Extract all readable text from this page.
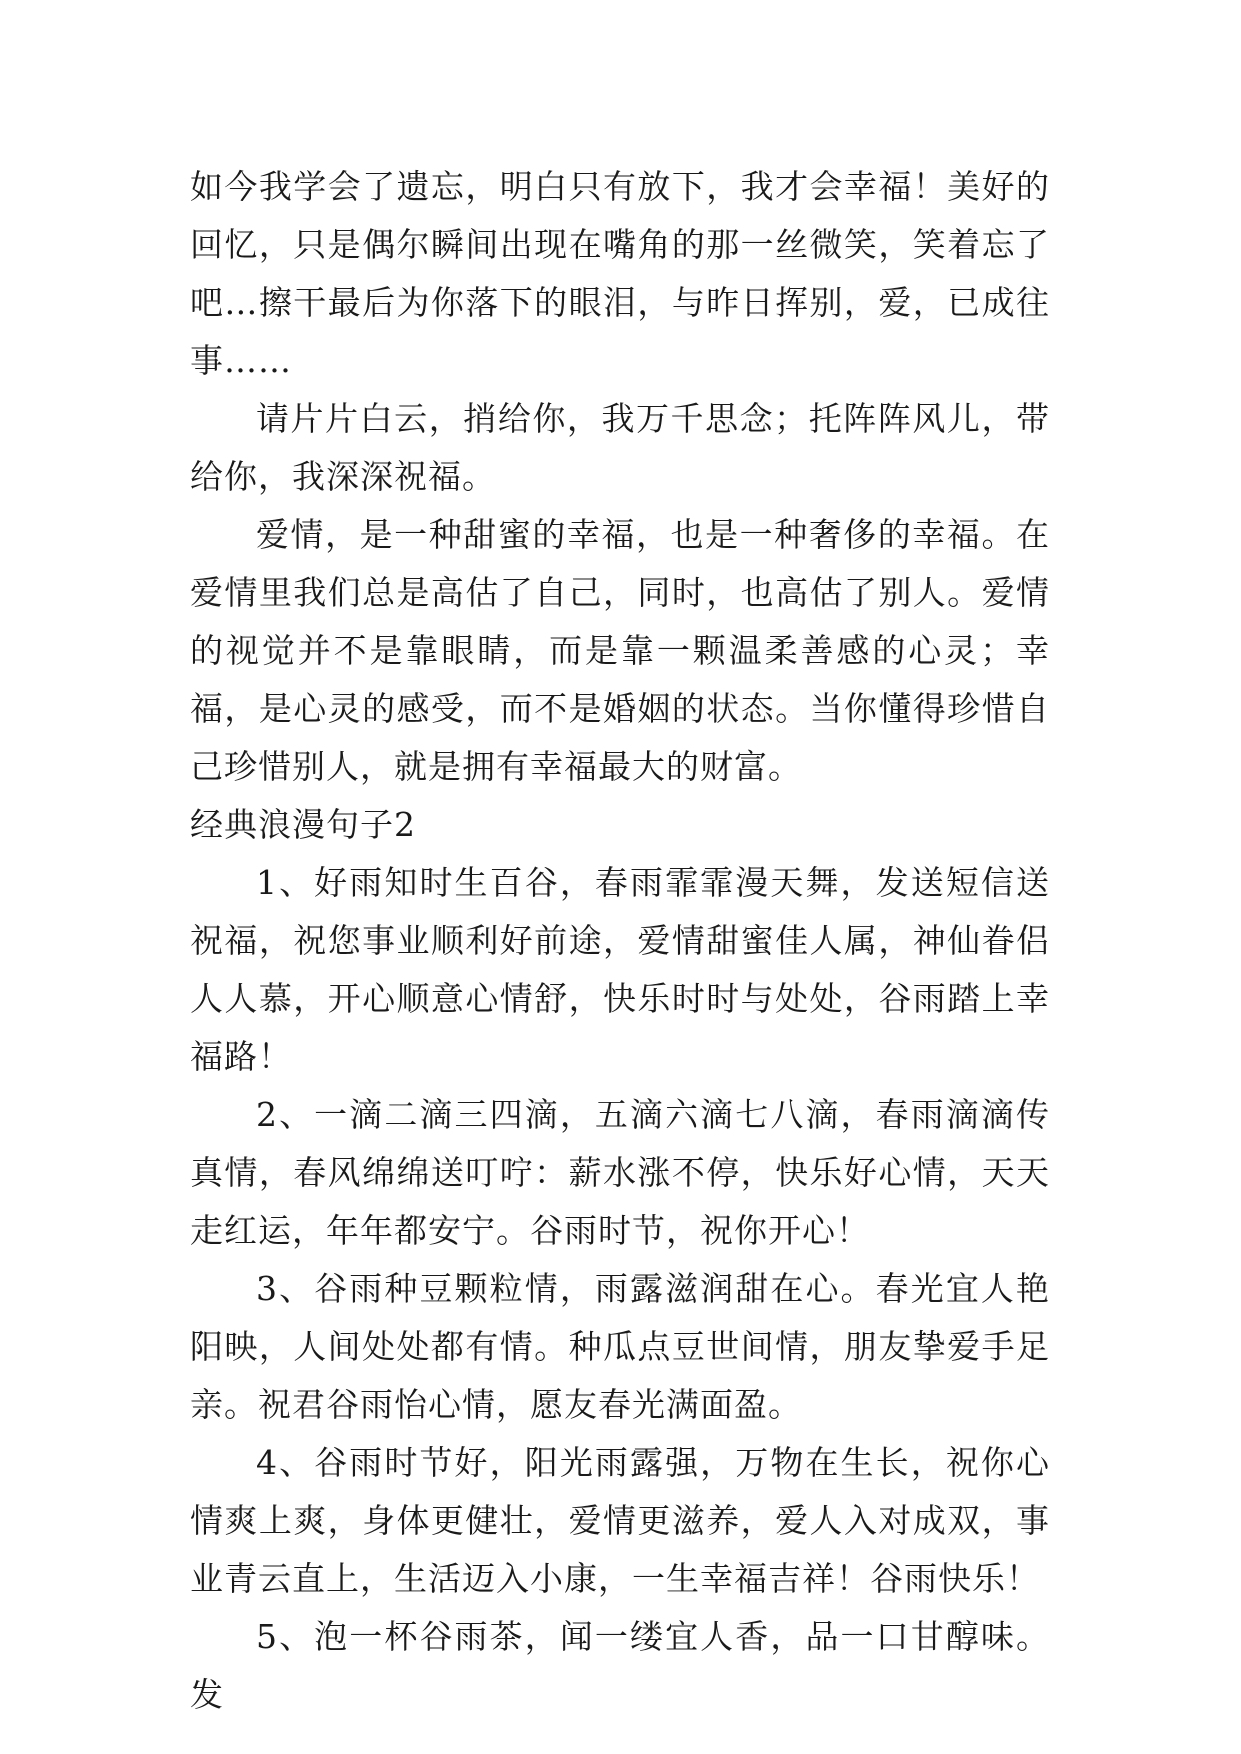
如今我学会了遗忘，明白只有放下，我才会幸福！美好的回忆，只是偶尔瞬间出现在嘴角的那一丝微笑，笑着忘了吧…擦干最后为你落下的眼泪，与昨日挥别，爱，已成往事……

请片片白云，捎给你，我万千思念；托阵阵风儿，带给你，我深深祝福。

爱情，是一种甜蜜的幸福，也是一种奢侈的幸福。在爱情里我们总是高估了自己，同时，也高估了别人。爱情的视觉并不是靠眼睛，而是靠一颗温柔善感的心灵；幸福，是心灵的感受，而不是婚姻的状态。当你懂得珍惜自己珍惜别人，就是拥有幸福最大的财富。

经典浪漫句子2

1、好雨知时生百谷，春雨霏霏漫天舞，发送短信送祝福，祝您事业顺利好前途，爱情甜蜜佳人属，神仙眷侣人人慕，开心顺意心情舒，快乐时时与处处，谷雨踏上幸福路！

2、一滴二滴三四滴，五滴六滴七八滴，春雨滴滴传真情，春风绵绵送叮咛：薪水涨不停，快乐好心情，天天走红运，年年都安宁。谷雨时节，祝你开心！

3、谷雨种豆颗粒情，雨露滋润甜在心。春光宜人艳阳映，人间处处都有情。种瓜点豆世间情，朋友挚爱手足亲。祝君谷雨怡心情，愿友春光满面盈。

4、谷雨时节好，阳光雨露强，万物在生长，祝你心情爽上爽，身体更健壮，爱情更滋养，爱人入对成双，事业青云直上，生活迈入小康，一生幸福吉祥！谷雨快乐！

5、泡一杯谷雨茶，闻一缕宜人香，品一口甘醇味。发
